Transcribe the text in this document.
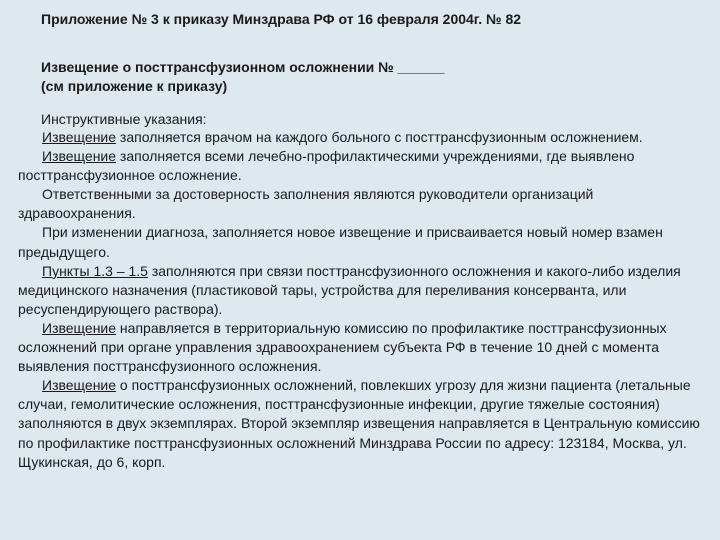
Приложение № 3 к приказу Минздрава РФ от 16 февраля 2004г. № 82
Извещение о посттрансфузионном осложнении № ______
(см приложение к приказу)
Инструктивные указания:

Извещение заполняется врачом на каждого больного с посттрансфузионным осложнением.

Извещение заполняется всеми лечебно-профилактическими учреждениями, где выявлено посттрансфузионное осложнение.

Ответственными за достоверность заполнения являются руководители организаций здравоохранения.

При изменении диагноза, заполняется новое извещение и присваивается новый номер взамен предыдущего.

Пункты 1.3 – 1.5 заполняются при связи посттрансфузионного осложнения и какого-либо изделия медицинского назначения (пластиковой тары, устройства для переливания консерванта, или ресуспендирующего раствора).

Извещение направляется в территориальную комиссию по профилактике посттрансфузионных осложнений при органе управления здравоохранением субъекта РФ в течение 10 дней с момента выявления посттрансфузионного осложнения.

Извещение о посттрансфузионных осложнений, повлекших угрозу для жизни пациента (летальные случаи, гемолитические осложнения, посттрансфузионные инфекции, другие тяжелые состояния) заполняются в двух экземплярах. Второй экземпляр извещения направляется в Центральную комиссию по профилактике посттрансфузионных осложнений Минздрава России по адресу: 123184, Москва, ул. Щукинская, до 6, корп.
